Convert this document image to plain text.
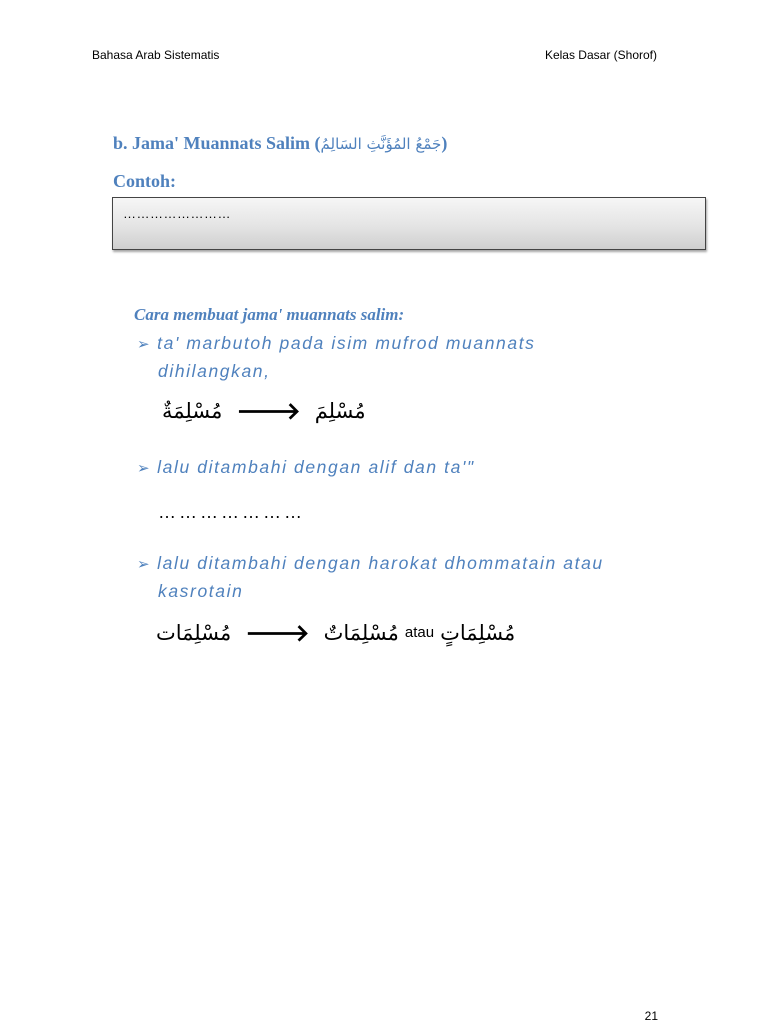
Bahasa Arab Sistematis	Kelas Dasar (Shorof)
b. Jama' Muannats Salim (جَمْعُ المُؤَنَّثِ السَالِمُ)
Contoh:
……………………
Cara membuat jama' muannats salim:
➢ ta' marbutoh pada isim mufrod muannats
dihilangkan,
مُسْلِمَةٌ 🡒 مُسْلِمَ
➢ lalu ditambahi dengan alif dan ta'"
…………………
➢ lalu ditambahi dengan harokat dhommatain atau
kasrotain
مُسْلِمَات 🡒 مُسْلِمَاتٌ atau مُسْلِمَاتٍ
21
